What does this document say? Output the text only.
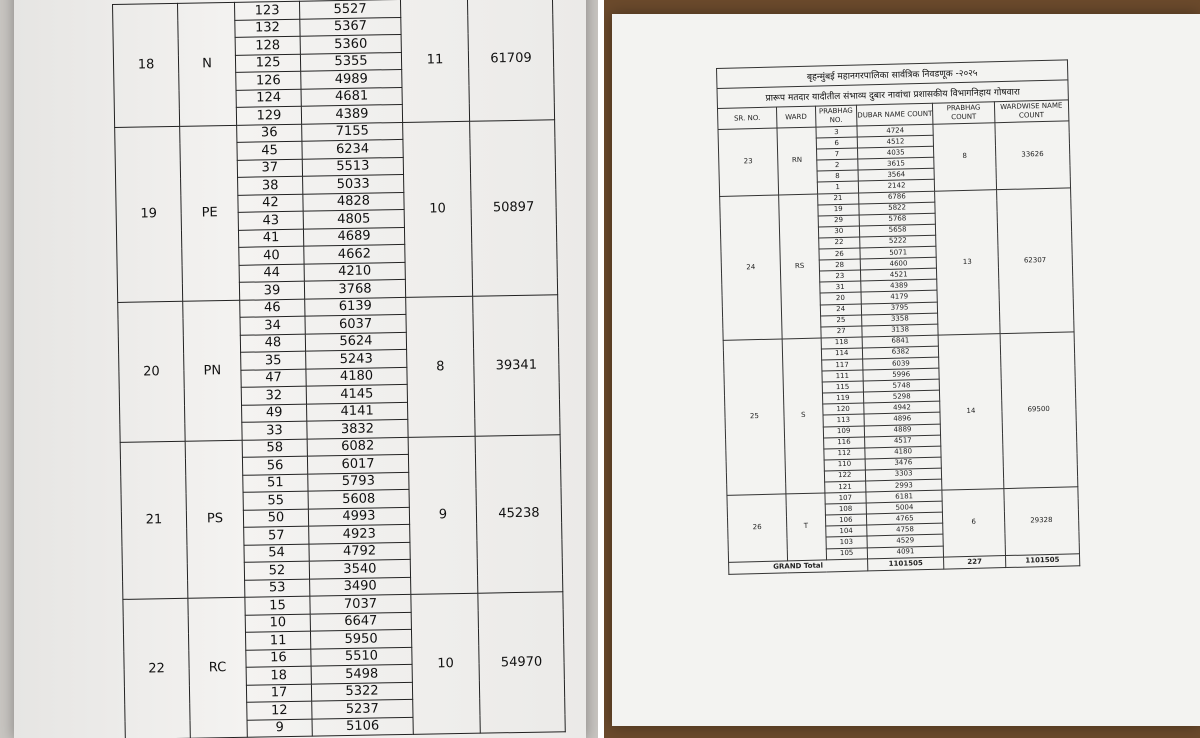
18	N	123	5527	11	61709
		132	5367		
		128	5360		
		125	5355		
		126	4989		
		124	4681		
		129	4389		
19	PE	36	7155	10	50897
		45	6234		
		37	5513		
		38	5033		
		42	4828		
		43	4805		
		41	4689		
		40	4662		
		44	4210		
		39	3768		
20	PN	46	6139	8	39341
		34	6037		
		48	5624		
		35	5243		
		47	4180		
		32	4145		
		49	4141		
		33	3832		
21	PS	58	6082	9	45238
		56	6017		
		51	5793		
		55	5608		
		50	4993		
		57	4923		
		54	4792		
		52	3540		
		53	3490		
22	RC	15	7037	10	54970
		10	6647		
		11	5950		
		16	5510		
		18	5498		
		17	5322		
		12	5237		
		9	5106		
बृहन्मुंबई महानगरपालिका सार्वत्रिक निवडणूक -२०२५
प्रारूप मतदार यादीतील संभाव्य दुबार नावांचा प्रशासकीय विभागनिहाय गोषवारा
SR. NO.	WARD	PRABHAG NO.	DUBAR NAME COUNT	PRABHAG COUNT	WARDWISE NAME COUNT
23	RN	3	4724	8	33626
		6	4512		
		7	4035		
		2	3615		
		8	3564		
		1	2142		
24	RS	21	6786	13	62307
		19	5822		
		29	5768		
		30	5658		
		22	5222		
		26	5071		
		28	4600		
		23	4521		
		31	4389		
		20	4179		
		24	3795		
		25	3358		
		27	3138		
25	S	118	6841	14	69500
		114	6382		
		117	6039		
		111	5996		
		115	5748		
		119	5298		
		120	4942		
		113	4896		
		109	4889		
		116	4517		
		112	4180		
		110	3476		
		122	3303		
		121	2993		
26	T	107	6181	6	29328
		108	5004		
		106	4765		
		104	4758		
		103	4529		
		105	4091		
GRAND Total			1101505	227	1101505
